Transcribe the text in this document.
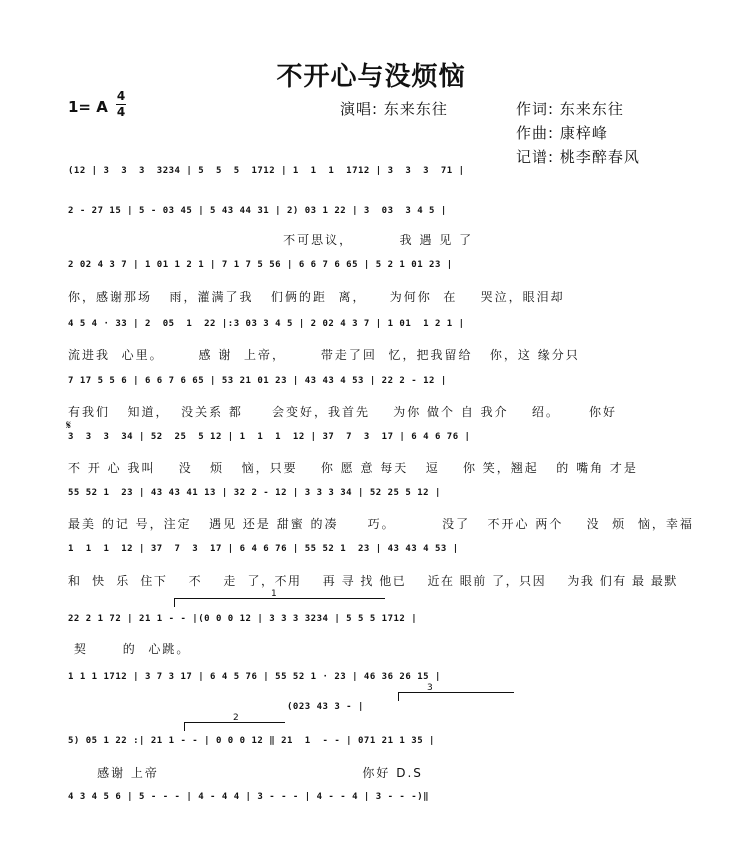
不开心与没烦恼
1= A
4
4	演唱: 东来东往	作词: 东来东往
作曲: 康梓峰
记谱: 桃李醉春风
(12 | 3  3  3  3234 | 5  5  5  1712 | 1  1  1  1712 | 3  3  3  71 |
2 - 27 15 | 5 - 03 45 | 5 43 44 31 | 2) 03 1 22 | 3  03  3 4 5 |
不可思议，        我 遇 见 了
2 02 4 3 7 | 1 01 1 2 1 | 7 1 7 5 56 | 6 6 7 6 65 | 5 2 1 01 23 |
你，感谢那场   雨，灌满了我   们俩的距  离，    为何你  在    哭泣，眼泪却
4 5 4 · 33 | 2  05  1  22 |:3 03 3 4 5 | 2 02 4 3 7 | 1 01  1 2 1 |
流进我  心里。      感 谢  上帝，      带走了回  忆，把我留给   你，这 缘分只
7 17 5 5 6 | 6 6 7 6 65 | 53 21 01 23 | 43 43 4 53 | 22 2 - 12 |
有我们   知道，  没关系 都     会变好，我首先    为你 做个 自 我介    绍。     你好
𝄋
3  3  3  34 | 52  25  5 12 | 1  1  1  12 | 37  7  3  17 | 6 4 6 76 |
不 开 心 我叫    没   烦   恼，只要    你 愿 意 每天   逗    你 笑，翘起   的 嘴角 才是
55 52 1  23 | 43 43 41 13 | 32 2 - 12 | 3 3 3 34 | 52 25 5 12 |
最美 的记 号，注定   遇见 还是 甜蜜 的凑     巧。        没了   不开心 两个    没  烦  恼，幸福
1  1  1  12 | 37  7  3  17 | 6 4 6 76 | 55 52 1  23 | 43 43 4 53 |
和  快  乐  住下    不    走  了，不用    再 寻 找 他已    近在 眼前 了，只因    为我 们有 最 最默
1
22 2 1 72 | 21 1 - - |(0 0 0 12 | 3 3 3 3234 | 5 5 5 1712 |
契      的  心跳。
1 1 1 1712 | 3 7 3 17 | 6 4 5 76 | 55 52 1 · 23 | 46 36 26 15 |
3
(023 43 3 - |
2
5) 05 1 22 :| 21 1 - - | 0 0 0 12 ‖ 21  1  - - | 071 21 1 35 |
感谢 上帝                                   你好 D.S
4 3 4 5 6 | 5 - - - | 4 - 4 4 | 3 - - - | 4 - - 4 | 3 - - -)‖
